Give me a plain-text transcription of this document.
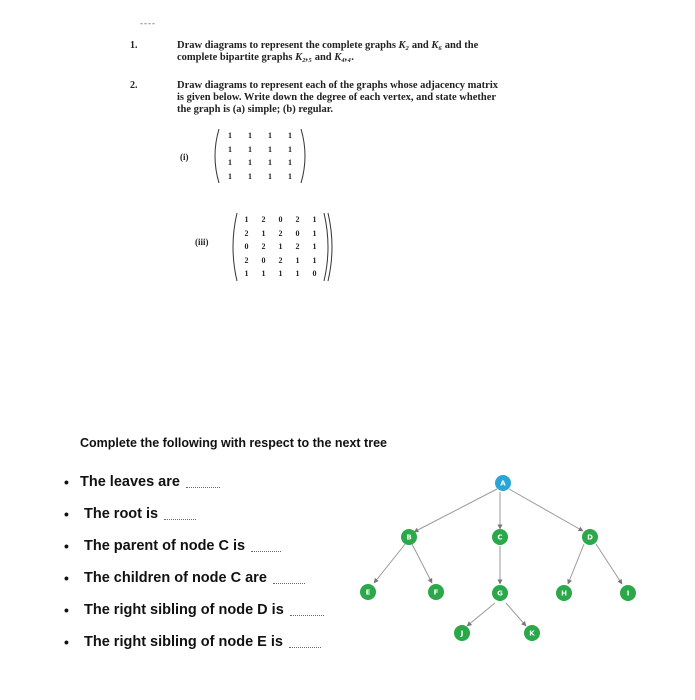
----
1.	Draw diagrams to represent the complete graphs K₂ and K₆ and the
complete bipartite graphs K₂,₅ and K₄,₄.
2.	Draw diagrams to represent each of the graphs whose adjacency matrix
is given below. Write down the degree of each vertex, and state whether
the graph is (a) simple; (b) regular.
(i)
1	1	1	1
1	1	1	1
1	1	1	1
1	1	1	1
(iii)
1	2	0	2	1
2	1	2	0	1
0	2	1	2	1
2	0	2	1	1
1	1	1	1	0
Complete the following with respect to the next tree
• The leaves are
•	The root is
•	The parent of node C is
•	The children of node C are
•	The right sibling of node D is
•	The right sibling of node E is
A
B	C	D
E	F	G	H	I
J	K
